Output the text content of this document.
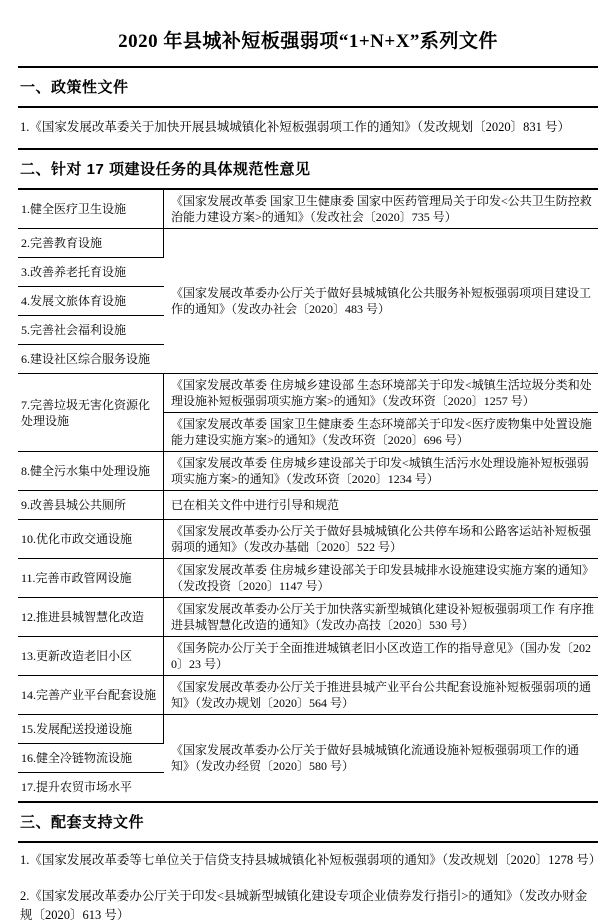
2020 年县城补短板强弱项“1+N+X”系列文件
一、政策性文件

1.《国家发展改革委关于加快开展县城城镇化补短板强弱项工作的通知》（发改规划〔2020〕831 号）

二、针对 17 项建设任务的具体规范性意见
1.健全医疗卫生设施	《国家发展改革委 国家卫生健康委 国家中医药管理局关于印发<公共卫生防控救治能力建设方案>的通知》（发改社会〔2020〕735 号）
2.完善教育设施	《国家发展改革委办公厅关于做好县城城镇化公共服务补短板强弱项项目建设工作的通知》（发改办社会〔2020〕483 号）
3.改善养老托育设施	
4.发展文旅体育设施	
5.完善社会福利设施	
6.建设社区综合服务设施	
7.完善垃圾无害化资源化处理设施	《国家发展改革委 住房城乡建设部 生态环境部关于印发<城镇生活垃圾分类和处理设施补短板强弱项实施方案>的通知》（发改环资〔2020〕1257 号）
	《国家发展改革委 国家卫生健康委 生态环境部关于印发<医疗废物集中处置设施能力建设实施方案>的通知》（发改环资〔2020〕696 号）
8.健全污水集中处理设施	《国家发展改革委 住房城乡建设部关于印发<城镇生活污水处理设施补短板强弱项实施方案>的通知》（发改环资〔2020〕1234 号）
9.改善县城公共厕所	已在相关文件中进行引导和规范
10.优化市政交通设施	《国家发展改革委办公厅关于做好县城城镇化公共停车场和公路客运站补短板强弱项的通知》（发改办基础〔2020〕522 号）
11.完善市政管网设施	《国家发展改革委 住房城乡建设部关于印发县城排水设施建设实施方案的通知》（发改投资〔2020〕1147 号）
12.推进县城智慧化改造	《国家发展改革委办公厅关于加快落实新型城镇化建设补短板强弱项工作 有序推进县城智慧化改造的通知》（发改办高技〔2020〕530 号）
13.更新改造老旧小区	《国务院办公厅关于全面推进城镇老旧小区改造工作的指导意见》（国办发〔2020〕23 号）
14.完善产业平台配套设施	《国家发展改革委办公厅关于推进县城产业平台公共配套设施补短板强弱项的通知》（发改办规划〔2020〕564 号）
15.发展配送投递设施	《国家发展改革委办公厅关于做好县城城镇化流通设施补短板强弱项工作的通知》（发改办经贸〔2020〕580 号）
16.健全冷链物流设施	
17.提升农贸市场水平	
三、配套支持文件

1.《国家发展改革委等七单位关于信贷支持县城城镇化补短板强弱项的通知》（发改规划〔2020〕1278 号）

2.《国家发展改革委办公厅关于印发<县城新型城镇化建设专项企业债券发行指引>的通知》（发改办财金规〔2020〕613 号）
